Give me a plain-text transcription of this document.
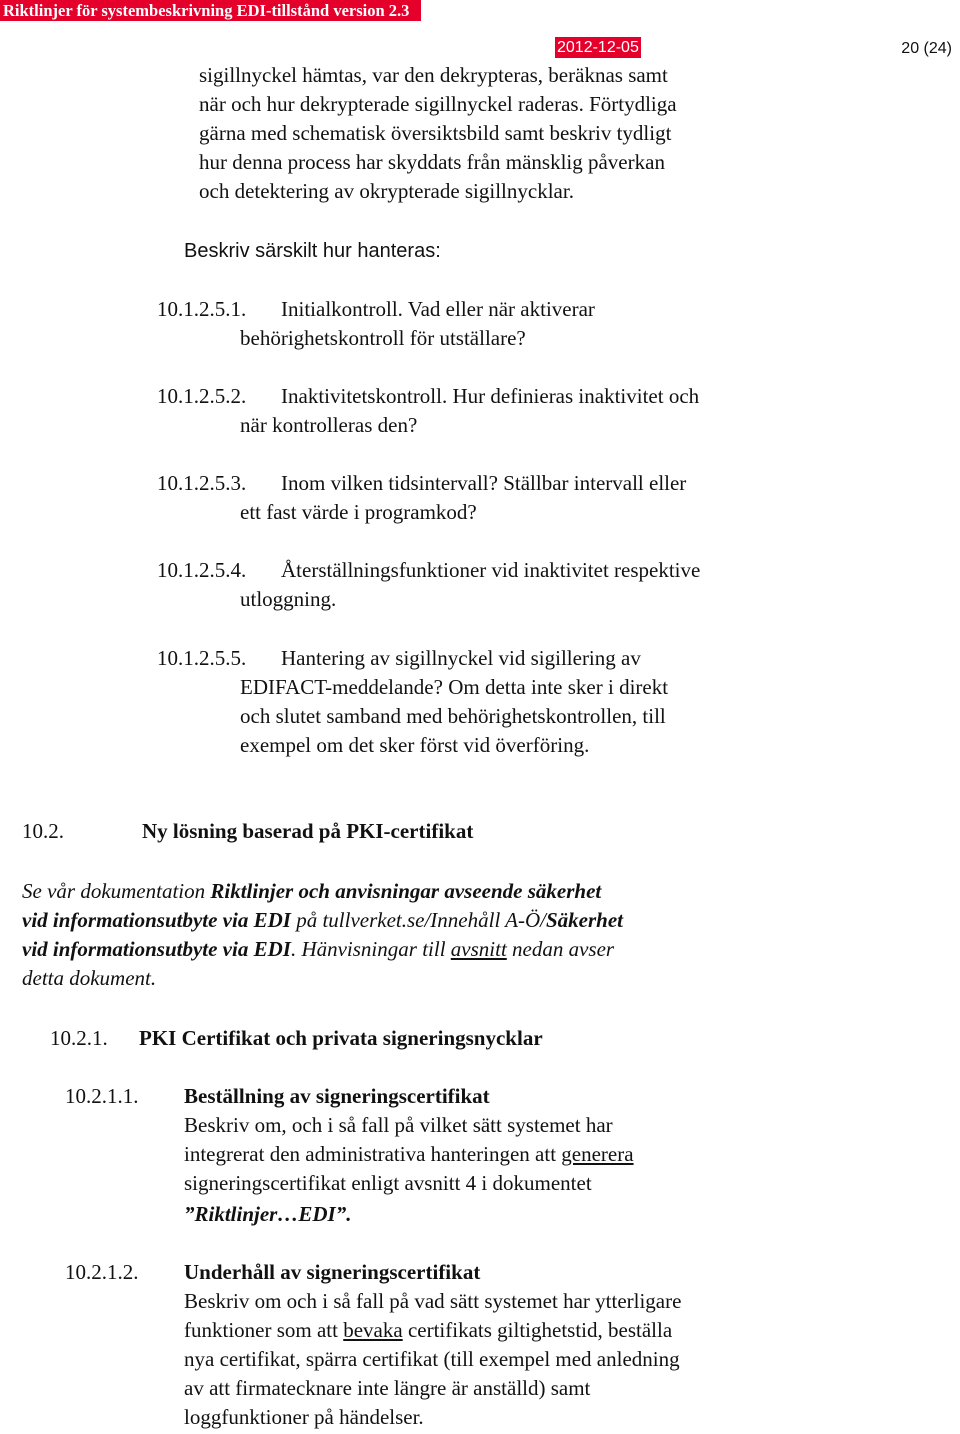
Riktlinjer för systembeskrivning EDI-tillstånd version 2.3
2012-12-05	20 (24)
sigillnyckel hämtas, var den dekrypteras, beräknas samt
när och hur dekrypterade sigillnyckel raderas. Förtydliga
gärna med schematisk översiktsbild samt beskriv tydligt
hur denna process har skyddats från mänsklig påverkan
och detektering av okrypterade sigillnycklar.
Beskriv särskilt hur hanteras:
10.1.2.5.1. Initialkontroll. Vad eller när aktiverar
behörighetskontroll för utställare?
10.1.2.5.2. Inaktivitetskontroll. Hur definieras inaktivitet och
när kontrolleras den?
10.1.2.5.3. Inom vilken tidsintervall? Ställbar intervall eller
ett fast värde i programkod?
10.1.2.5.4. Återställningsfunktioner vid inaktivitet respektive
utloggning.
10.1.2.5.5. Hantering av sigillnyckel vid sigillering av
EDIFACT-meddelande? Om detta inte sker i direkt
och slutet samband med behörighetskontrollen, till
exempel om det sker först vid överföring.
10.2.	Ny lösning baserad på PKI-certifikat
Se vår dokumentation Riktlinjer och anvisningar avseende säkerhet
vid informationsutbyte via EDI på tullverket.se/Innehåll A-Ö/Säkerhet
vid informationsutbyte via EDI. Hänvisningar till avsnitt nedan avser
detta dokument.
10.2.1. PKI Certifikat och privata signeringsnycklar
10.2.1.1. Beställning av signeringscertifikat
Beskriv om, och i så fall på vilket sätt systemet har
integrerat den administrativa hanteringen att generera
signeringscertifikat enligt avsnitt 4 i dokumentet
”Riktlinjer…EDI”.
10.2.1.2. Underhåll av signeringscertifikat
Beskriv om och i så fall på vad sätt systemet har ytterligare
funktioner som att bevaka certifikats giltighetstid, beställa
nya certifikat, spärra certifikat (till exempel med anledning
av att firmatecknare inte längre är anställd) samt
loggfunktioner på händelser.
